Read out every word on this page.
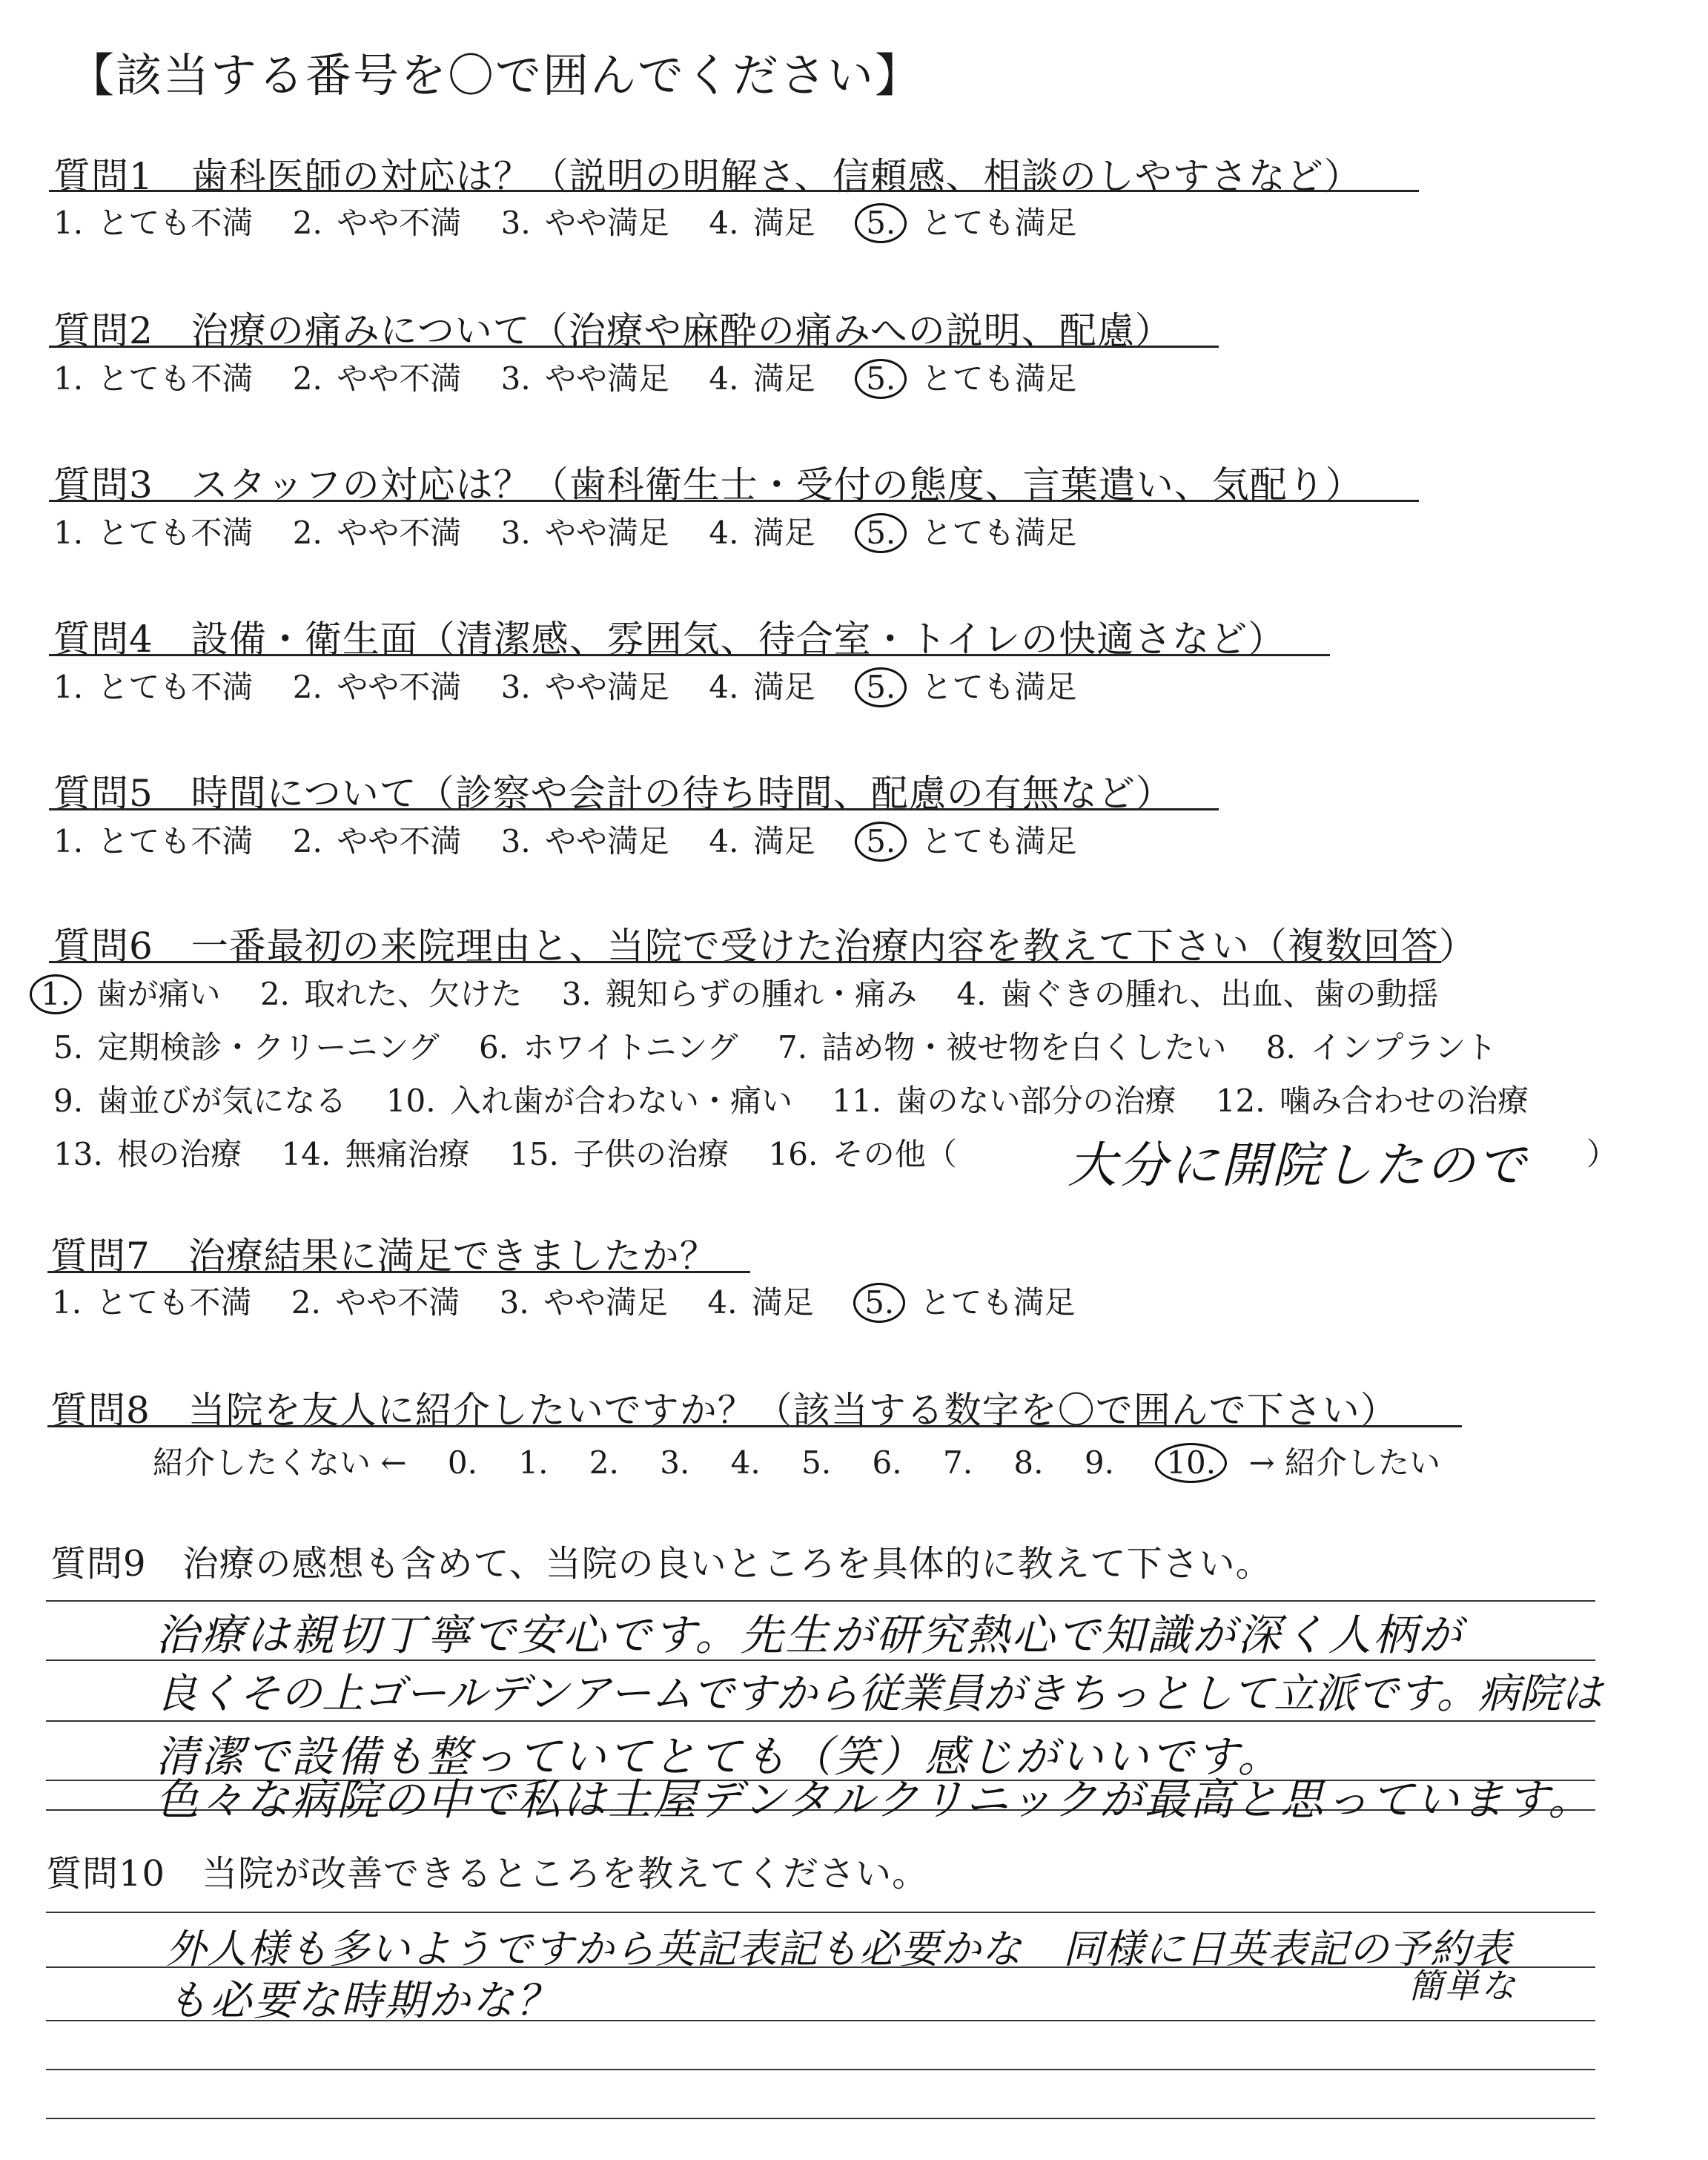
【該当する番号を〇で囲んでください】
質問1　歯科医師の対応は？（説明の明解さ、信頼感、相談のしやすさなど）
1. とても不満 2. やや不満 3. やや満足 4. 満足 5. とても満足
質問2　治療の痛みについて（治療や麻酔の痛みへの説明、配慮）
1. とても不満 2. やや不満 3. やや満足 4. 満足 5. とても満足
質問3　スタッフの対応は？（歯科衛生士・受付の態度、言葉遣い、気配り）
1. とても不満 2. やや不満 3. やや満足 4. 満足 5. とても満足
質問4　設備・衛生面（清潔感、雰囲気、待合室・トイレの快適さなど）
1. とても不満 2. やや不満 3. やや満足 4. 満足 5. とても満足
質問5　時間について（診察や会計の待ち時間、配慮の有無など）
1. とても不満 2. やや不満 3. やや満足 4. 満足 5. とても満足
質問6　一番最初の来院理由と、当院で受けた治療内容を教えて下さい（複数回答）
1. 歯が痛い 2. 取れた、欠けた 3. 親知らずの腫れ・痛み 4. 歯ぐきの腫れ、出血、歯の動揺
5. 定期検診・クリーニング 6. ホワイトニング 7. 詰め物・被せ物を白くしたい 8. インプラント
9. 歯並びが気になる 10. 入れ歯が合わない・痛い 11. 歯のない部分の治療 12. 噛み合わせの治療
13. 根の治療 14. 無痛治療 15. 子供の治療 16. その他（ 大分に開院したので ）
質問7　治療結果に満足できましたか？
1. とても不満 2. やや不満 3. やや満足 4. 満足 5. とても満足
質問8　当院を友人に紹介したいですか？（該当する数字を〇で囲んで下さい）
紹介したくない ← 0. 1. 2. 3. 4. 5. 6. 7. 8. 9. 10. → 紹介したい
質問9　治療の感想も含めて、当院の良いところを具体的に教えて下さい。
治療は親切丁寧で安心です。先生が研究熱心で知識が深く人柄が
良くその上ゴールデンアームですから従業員がきちっとして立派です。病院は
清潔で設備も整っていてとても（笑）感じがいいです。
色々な病院の中で私は土屋デンタルクリニックが最高と思っています。
質問10　当院が改善できるところを教えてください。
外人様も多いようですから英記表記も必要かな　同様に日英表記の予約表
も必要な時期かな？	簡単な
